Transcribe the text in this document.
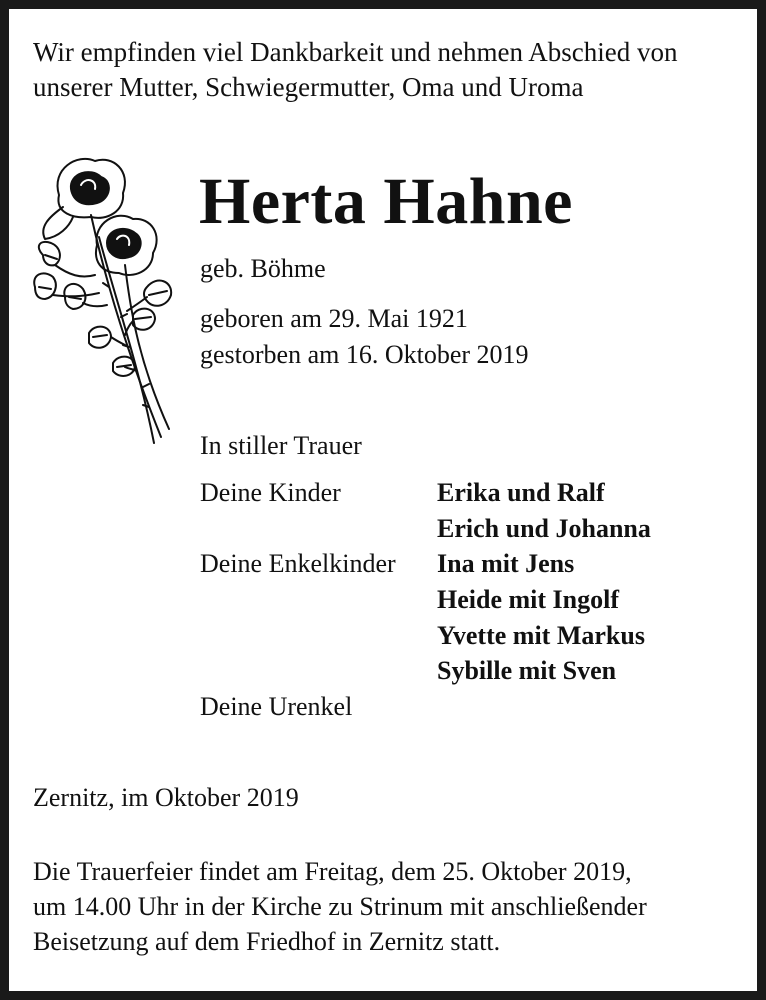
Wir empfinden viel Dankbarkeit und nehmen Abschied von
unserer Mutter, Schwiegermutter, Oma und Uroma
Herta Hahne
geb. Böhme
geboren am 29. Mai 1921
gestorben am 16. Oktober 2019
In stiller Trauer
Deine Kinder	Erika und Ralf
Erich und Johanna
Deine Enkelkinder	Ina mit Jens
Heide mit Ingolf
Yvette mit Markus
Sybille mit Sven
Deine Urenkel
Zernitz, im Oktober 2019
Die Trauerfeier findet am Freitag, dem 25. Oktober 2019,
um 14.00 Uhr in der Kirche zu Strinum mit anschließender
Beisetzung auf dem Friedhof in Zernitz statt.
